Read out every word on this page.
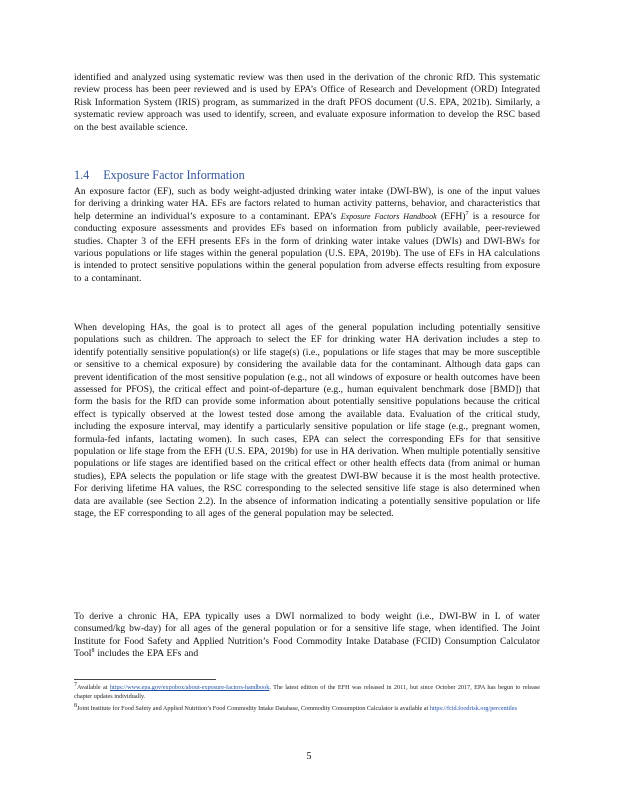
identified and analyzed using systematic review was then used in the derivation of the chronic RfD. This systematic review process has been peer reviewed and is used by EPA’s Office of Research and Development (ORD) Integrated Risk Information System (IRIS) program, as summarized in the draft PFOS document (U.S. EPA, 2021b). Similarly, a systematic review approach was used to identify, screen, and evaluate exposure information to develop the RSC based on the best available science.
1.4 Exposure Factor Information
An exposure factor (EF), such as body weight-adjusted drinking water intake (DWI-BW), is one of the input values for deriving a drinking water HA. EFs are factors related to human activity patterns, behavior, and characteristics that help determine an individual’s exposure to a contaminant. EPA’s Exposure Factors Handbook (EFH)$^7$ is a resource for conducting exposure assessments and provides EFs based on information from publicly available, peer-reviewed studies. Chapter 3 of the EFH presents EFs in the form of drinking water intake values (DWIs) and DWI-BWs for various populations or life stages within the general population (U.S. EPA, 2019b). The use of EFs in HA calculations is intended to protect sensitive populations within the general population from adverse effects resulting from exposure to a contaminant.
When developing HAs, the goal is to protect all ages of the general population including potentially sensitive populations such as children. The approach to select the EF for drinking water HA derivation includes a step to identify potentially sensitive population(s) or life stage(s) (i.e., populations or life stages that may be more susceptible or sensitive to a chemical exposure) by considering the available data for the contaminant. Although data gaps can prevent identification of the most sensitive population (e.g., not all windows of exposure or health outcomes have been assessed for PFOS), the critical effect and point-of-departure (e.g., human equivalent benchmark dose [BMD]) that form the basis for the RfD can provide some information about potentially sensitive populations because the critical effect is typically observed at the lowest tested dose among the available data. Evaluation of the critical study, including the exposure interval, may identify a particularly sensitive population or life stage (e.g., pregnant women, formula-fed infants, lactating women). In such cases, EPA can select the corresponding EFs for that sensitive population or life stage from the EFH (U.S. EPA, 2019b) for use in HA derivation. When multiple potentially sensitive populations or life stages are identified based on the critical effect or other health effects data (from animal or human studies), EPA selects the population or life stage with the greatest DWI-BW because it is the most health protective. For deriving lifetime HA values, the RSC corresponding to the selected sensitive life stage is also determined when data are available (see Section 2.2). In the absence of information indicating a potentially sensitive population or life stage, the EF corresponding to all ages of the general population may be selected.
To derive a chronic HA, EPA typically uses a DWI normalized to body weight (i.e., DWI-BW in L of water consumed/kg bw-day) for all ages of the general population or for a sensitive life stage, when identified. The Joint Institute for Food Safety and Applied Nutrition’s Food Commodity Intake Database (FCID) Consumption Calculator Tool$^8$ includes the EPA EFs and
$^7$Available at https://www.epa.gov/expobox/about-exposure-factors-handbook. The latest edition of the EFH was released in 2011, but since October 2017, EPA has begun to release chapter updates individually.
$^8$Joint Institute for Food Safety and Applied Nutrition’s Food Commodity Intake Database, Commodity Consumption Calculator is available at https://fcid.foodrisk.org/percentiles
5
